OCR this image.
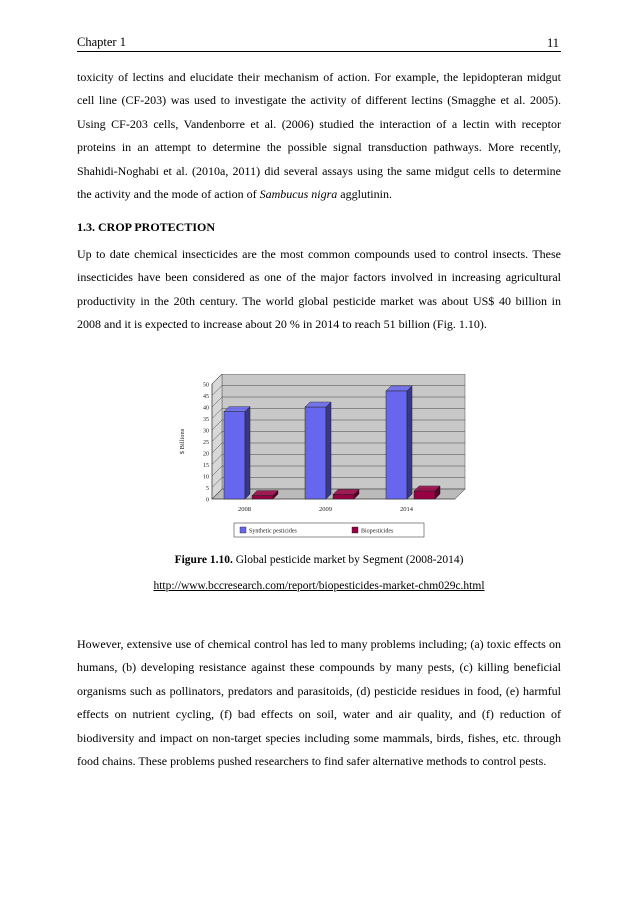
Chapter 1	11

toxicity of lectins and elucidate their mechanism of action. For example, the lepidopteran midgut cell line (CF-203) was used to investigate the activity of different lectins (Smagghe et al. 2005). Using CF-203 cells, Vandenborre et al. (2006) studied the interaction of a lectin with receptor proteins in an attempt to determine the possible signal transduction pathways. More recently, Shahidi-Noghabi et al. (2010a, 2011) did several assays using the same midgut cells to determine the activity and the mode of action of Sambucus nigra agglutinin.

1.3. CROP PROTECTION

Up to date chemical insecticides are the most common compounds used to control insects. These insecticides have been considered as one of the major factors involved in increasing agricultural productivity in the 20th century. The world global pesticide market was about US$ 40 billion in 2008 and it is expected to increase about 20 % in 2014 to reach 51 billion (Fig. 1.10).

0
5
10
15
20
25
30
35
40
45
50
$ Billions
2008	2009	2014
Synthetic pesticides	Biopesticides
Figure 1.10. Global pesticide market by Segment (2008-2014)
http://www.bccresearch.com/report/biopesticides-market-chm029c.html

However, extensive use of chemical control has led to many problems including; (a) toxic effects on humans, (b) developing resistance against these compounds by many pests, (c) killing beneficial organisms such as pollinators, predators and parasitoids, (d) pesticide residues in food, (e) harmful effects on nutrient cycling, (f) bad effects on soil, water and air quality, and (f) reduction of biodiversity and impact on non-target species including some mammals, birds, fishes, etc. through food chains. These problems pushed researchers to find safer alternative methods to control pests.
